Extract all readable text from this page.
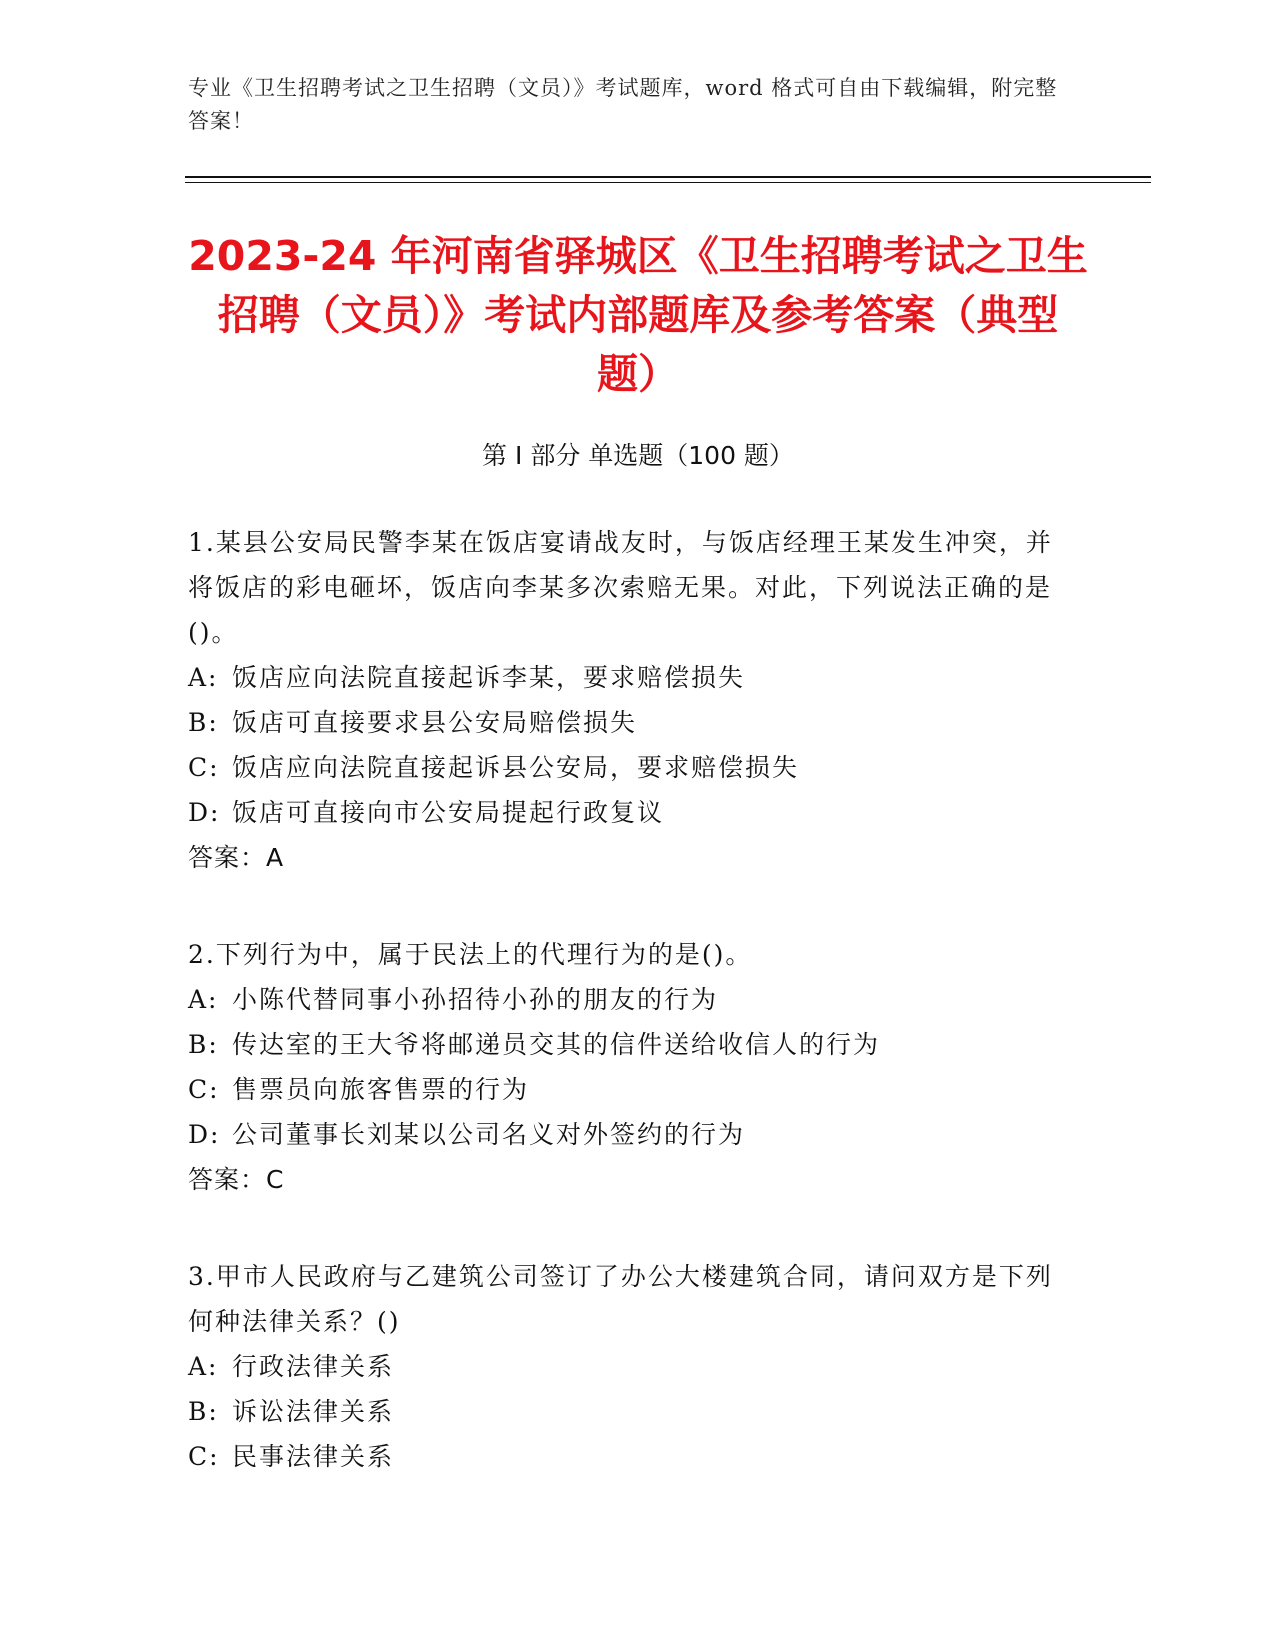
专业《卫生招聘考试之卫生招聘（文员）》考试题库，word 格式可自由下载编辑，附完整答案！
2023-24 年河南省驿城区《卫生招聘考试之卫生招聘（文员）》考试内部题库及参考答案（典型题）
第 I 部分 单选题（100 题）
1.某县公安局民警李某在饭店宴请战友时，与饭店经理王某发生冲突，并将饭店的彩电砸坏，饭店向李某多次索赔无果。对此，下列说法正确的是()。
A: 饭店应向法院直接起诉李某，要求赔偿损失
B: 饭店可直接要求县公安局赔偿损失
C: 饭店应向法院直接起诉县公安局，要求赔偿损失
D: 饭店可直接向市公安局提起行政复议
答案：A
2.下列行为中，属于民法上的代理行为的是()。
A: 小陈代替同事小孙招待小孙的朋友的行为
B: 传达室的王大爷将邮递员交其的信件送给收信人的行为
C: 售票员向旅客售票的行为
D: 公司董事长刘某以公司名义对外签约的行为
答案：C
3.甲市人民政府与乙建筑公司签订了办公大楼建筑合同，请问双方是下列何种法律关系？()
A: 行政法律关系
B: 诉讼法律关系
C: 民事法律关系
